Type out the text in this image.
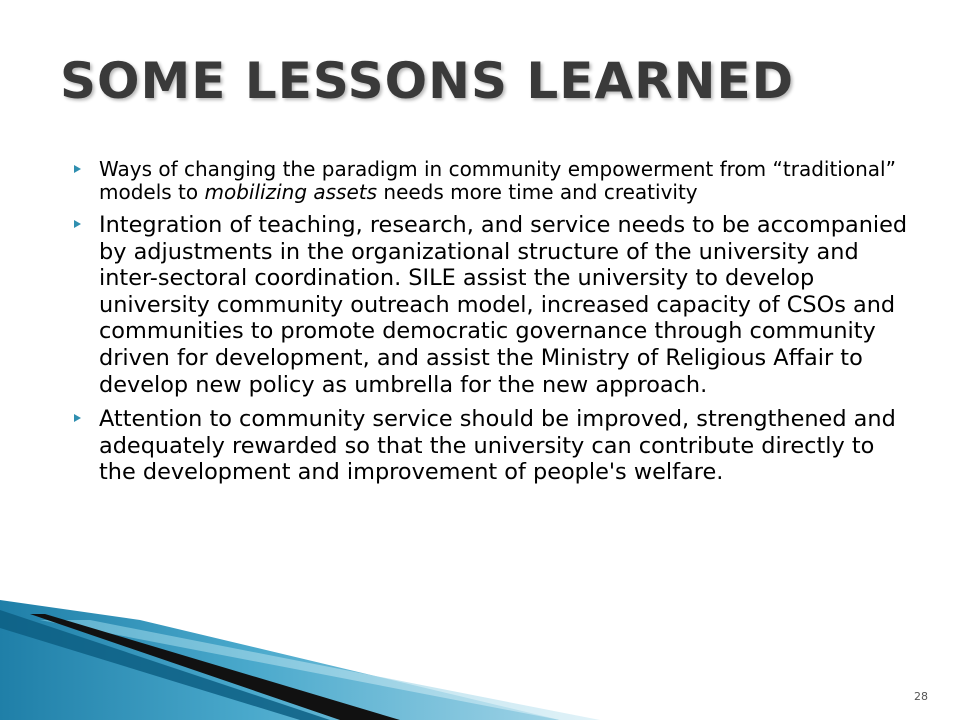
SOME LESSONS LEARNED
Ways of changing the paradigm in community empowerment from “traditional” models to mobilizing assets needs more time and creativity
Integration of teaching, research, and service needs to be accompanied by adjustments in the organizational structure of the university and inter-sectoral coordination. SILE assist the university to develop university community outreach model, increased capacity of CSOs and communities to promote democratic governance through community driven for development, and assist the Ministry of Religious Affair to develop new policy as umbrella for the new approach.
Attention to community service should be improved, strengthened and adequately rewarded so that the university can contribute directly to the development and improvement of people's welfare.
28
